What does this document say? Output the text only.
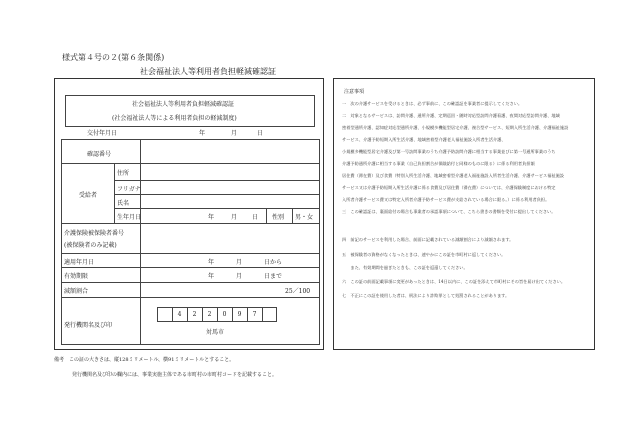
様式第４号の２(第６条関係)
社会福祉法人等利用者負担軽減確認証
社会福祉法人等利用者負担軽減確認証
(社会福祉法人等による利用者負担の軽減制度)
交付年月日	年	月	日
確認番号
受給者
住所
フリガナ
氏名
生年月日	年	月 日 性別 男・女
介護保険被保険者番号
(被保険者のみ記載)
適用年月日	年	月	日から
有効期限	年	月	日まで
減額割合	25／100
発行機関名及び印
4	2	2	0	9	7
対馬市
注意事項
一　次の介護サービスを受けるときは、必ず事前に、この確認証を事業者に提示してください。
二　対象となるサービスは、訪問介護、通所介護、定期巡回・随時対応型訪問介護看護、夜間対応型訪問介護、地域
密着型通所介護、認知症対応型通所介護、小規模多機能型居宅介護、複合型サービス、短期入所生活介護、介護福祉施設
サービス、介護予防短期入所生活介護、地域密着型介護老人福祉施設入所者生活介護、
小規模多機能型居宅介護及び第一号訪問事業のうち介護予防訪問介護に相当する事業並びに第一号通所事業のうち
介護予防通所介護に相当する事業（自己負担割合が保険給付と同様のものに限る）に係る利用者負担額
居住費（滞在費）及び食費（特別入所生活介護、地域密着型介護老人福祉施設入所者生活介護、介護サービス福祉施設
サービス又は介護予防短期入所生活介護に係る食費及び居住費（滞在費）については、介護保険制度における特定
入所者介護サービス費又は特定入所者介護予防サービス費が支給されている場合に限る。）に係る利用者負担。
三　この確認証は、裏面給付の場合も事業者の承認事項について、こちら書きの書類を受付に提出してください。
四　前記のサービスを利用した場合、前面に記載されている減額割合により減額されます。
五　被保険者の資格がなくなったときは、速やかにこの証を市町村に返してください。
　　また、有効期間を過ぎたときも、この証を返還してください。
六　この証の前面記載事項に変更があったときは、14日以内に、この証を添えて市町村にその旨を届け出てください。
七　不正にこの証を使用した者は、刑法により詐欺罪として処罰されることがあります。
備考　この証の大きさは、縦128ミリメートル、横91ミリメートルとすること。
発行機関名及び印の欄内には、事業実施主体である市町村の市町村コードを記載すること。
